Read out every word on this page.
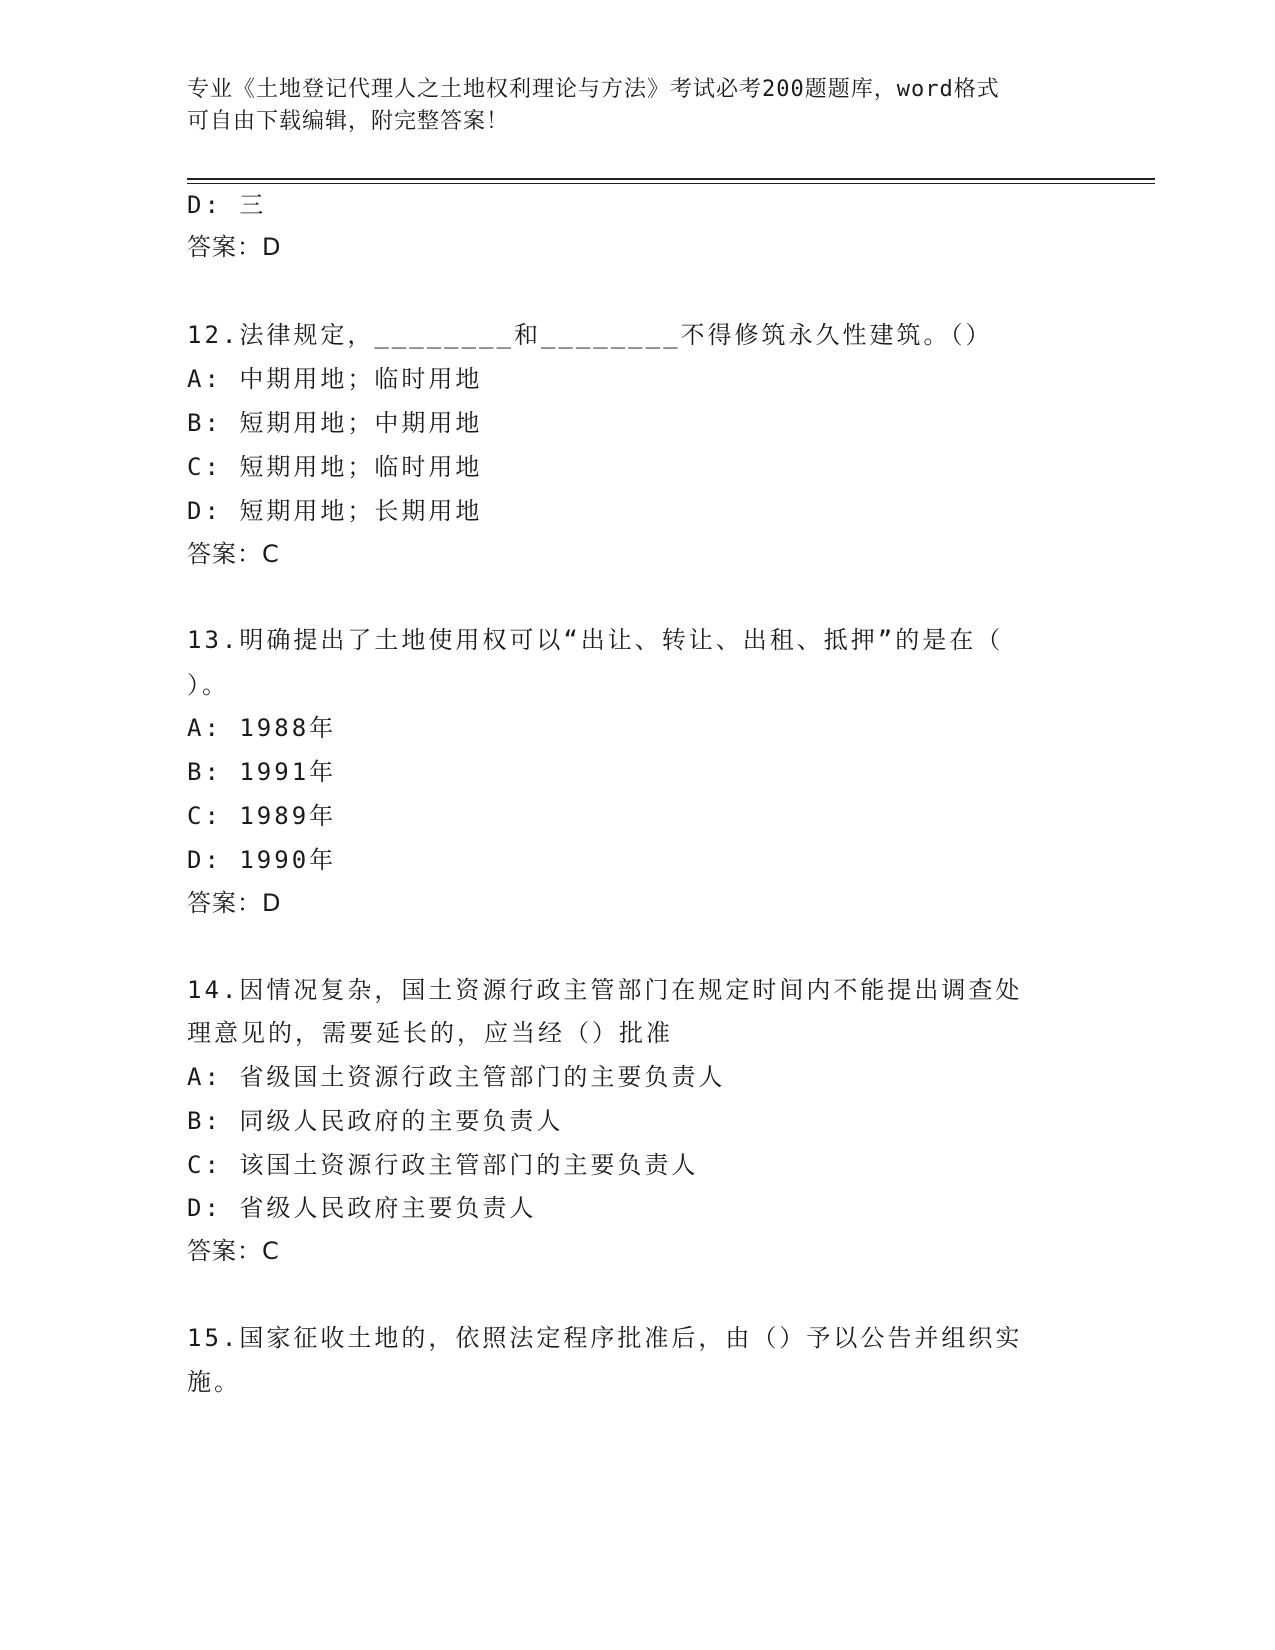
专业《土地登记代理人之土地权利理论与方法》考试必考200题题库，word格式
可自由下载编辑，附完整答案！
D: 三
答案：D
12.法律规定，________和________不得修筑永久性建筑。（）
A: 中期用地；临时用地
B: 短期用地；中期用地
C: 短期用地；临时用地
D: 短期用地；长期用地
答案：C
13.明确提出了土地使用权可以“出让、转让、出租、抵押”的是在（
）。
A: 1988年
B: 1991年
C: 1989年
D: 1990年
答案：D
14.因情况复杂，国土资源行政主管部门在规定时间内不能提出调查处
理意见的，需要延长的，应当经（）批准
A: 省级国土资源行政主管部门的主要负责人
B: 同级人民政府的主要负责人
C: 该国土资源行政主管部门的主要负责人
D: 省级人民政府主要负责人
答案：C
15.国家征收土地的，依照法定程序批准后，由（）予以公告并组织实
施。
